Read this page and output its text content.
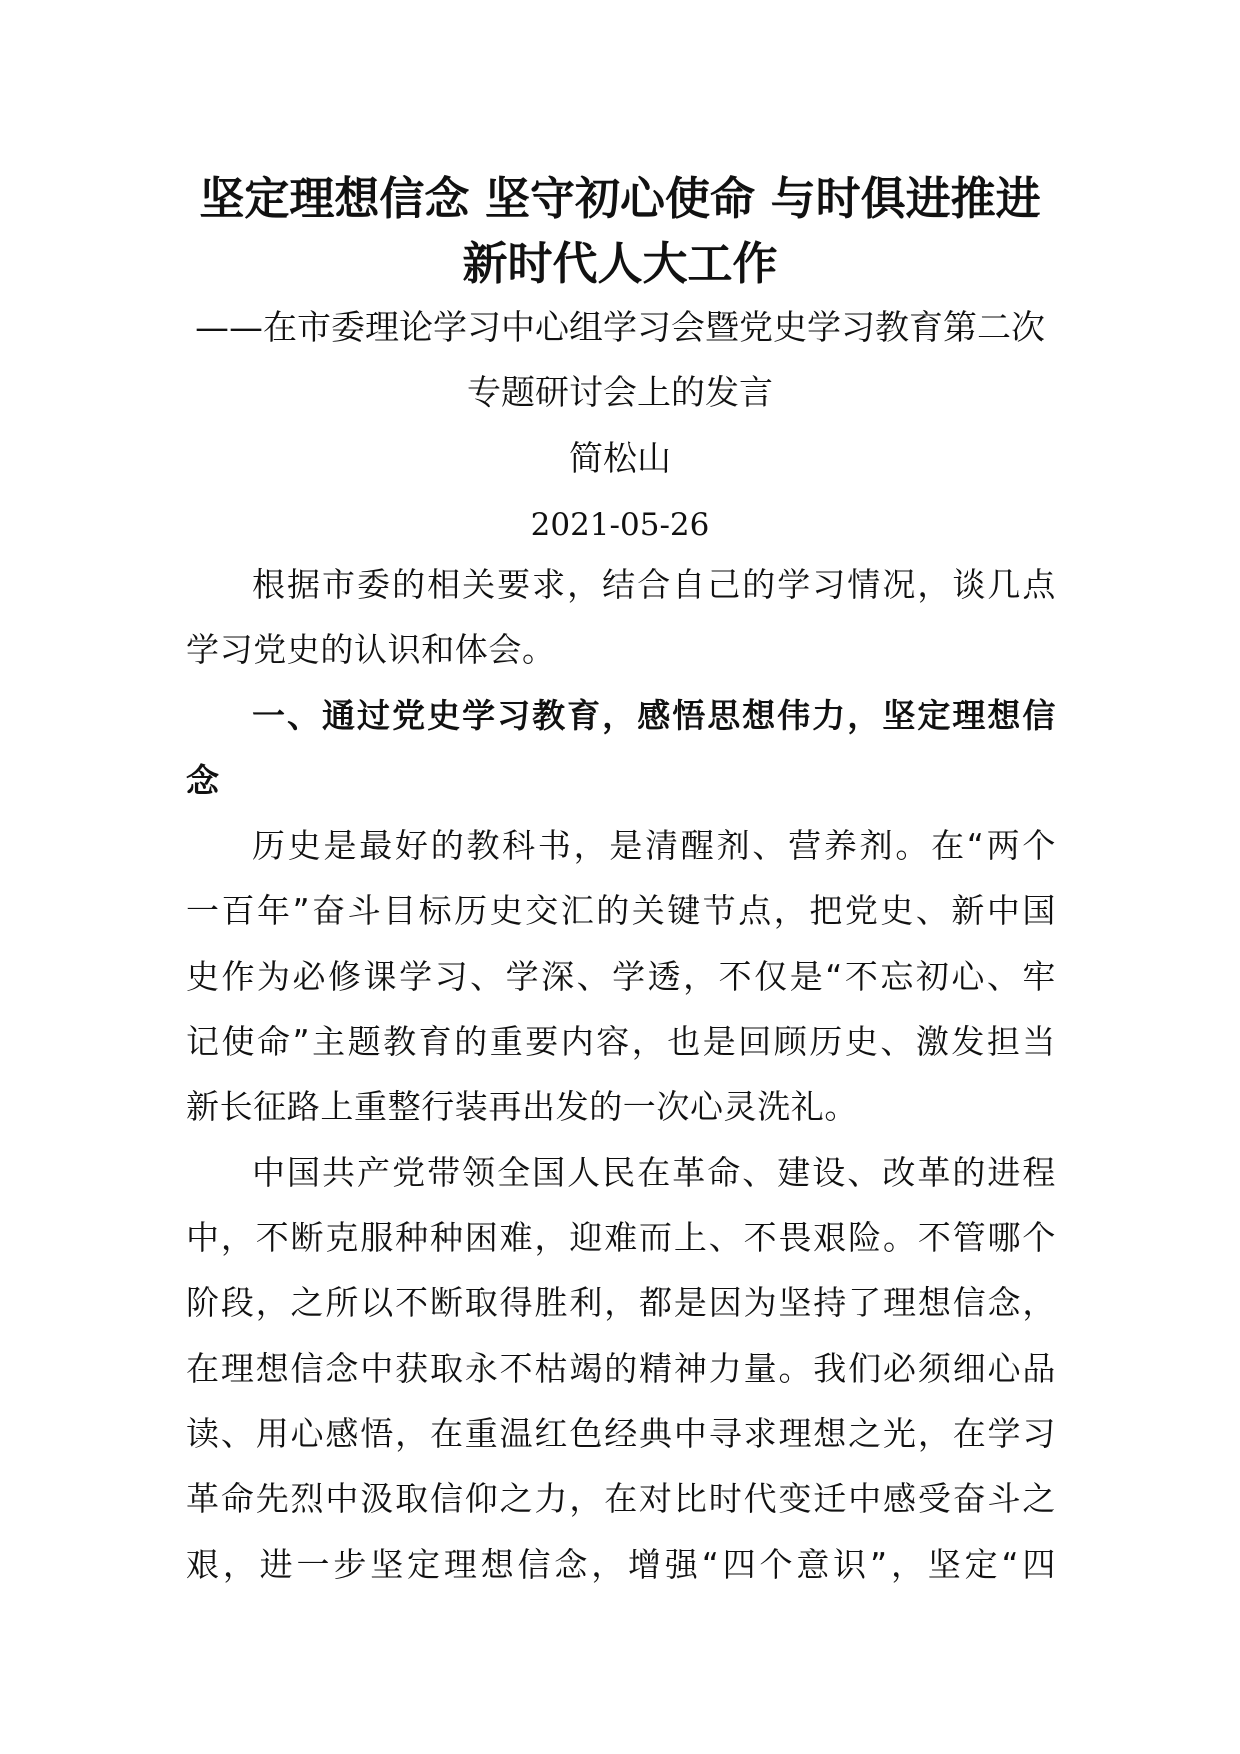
坚定理想信念 坚守初心使命 与时俱进推进
新时代人大工作
——在市委理论学习中心组学习会暨党史学习教育第二次
专题研讨会上的发言
简松山
2021-05-26
根据市委的相关要求，结合自己的学习情况，谈几点
学习党史的认识和体会。
一、通过党史学习教育，感悟思想伟力，坚定理想信
念
历史是最好的教科书，是清醒剂、营养剂。在“两个
一百年”奋斗目标历史交汇的关键节点，把党史、新中国
史作为必修课学习、学深、学透，不仅是“不忘初心、牢
记使命”主题教育的重要内容，也是回顾历史、激发担当
新长征路上重整行装再出发的一次心灵洗礼。
中国共产党带领全国人民在革命、建设、改革的进程
中，不断克服种种困难，迎难而上、不畏艰险。不管哪个
阶段，之所以不断取得胜利，都是因为坚持了理想信念，
在理想信念中获取永不枯竭的精神力量。我们必须细心品
读、用心感悟，在重温红色经典中寻求理想之光，在学习
革命先烈中汲取信仰之力，在对比时代变迁中感受奋斗之
艰，进一步坚定理想信念，增强“四个意识”，坚定“四
